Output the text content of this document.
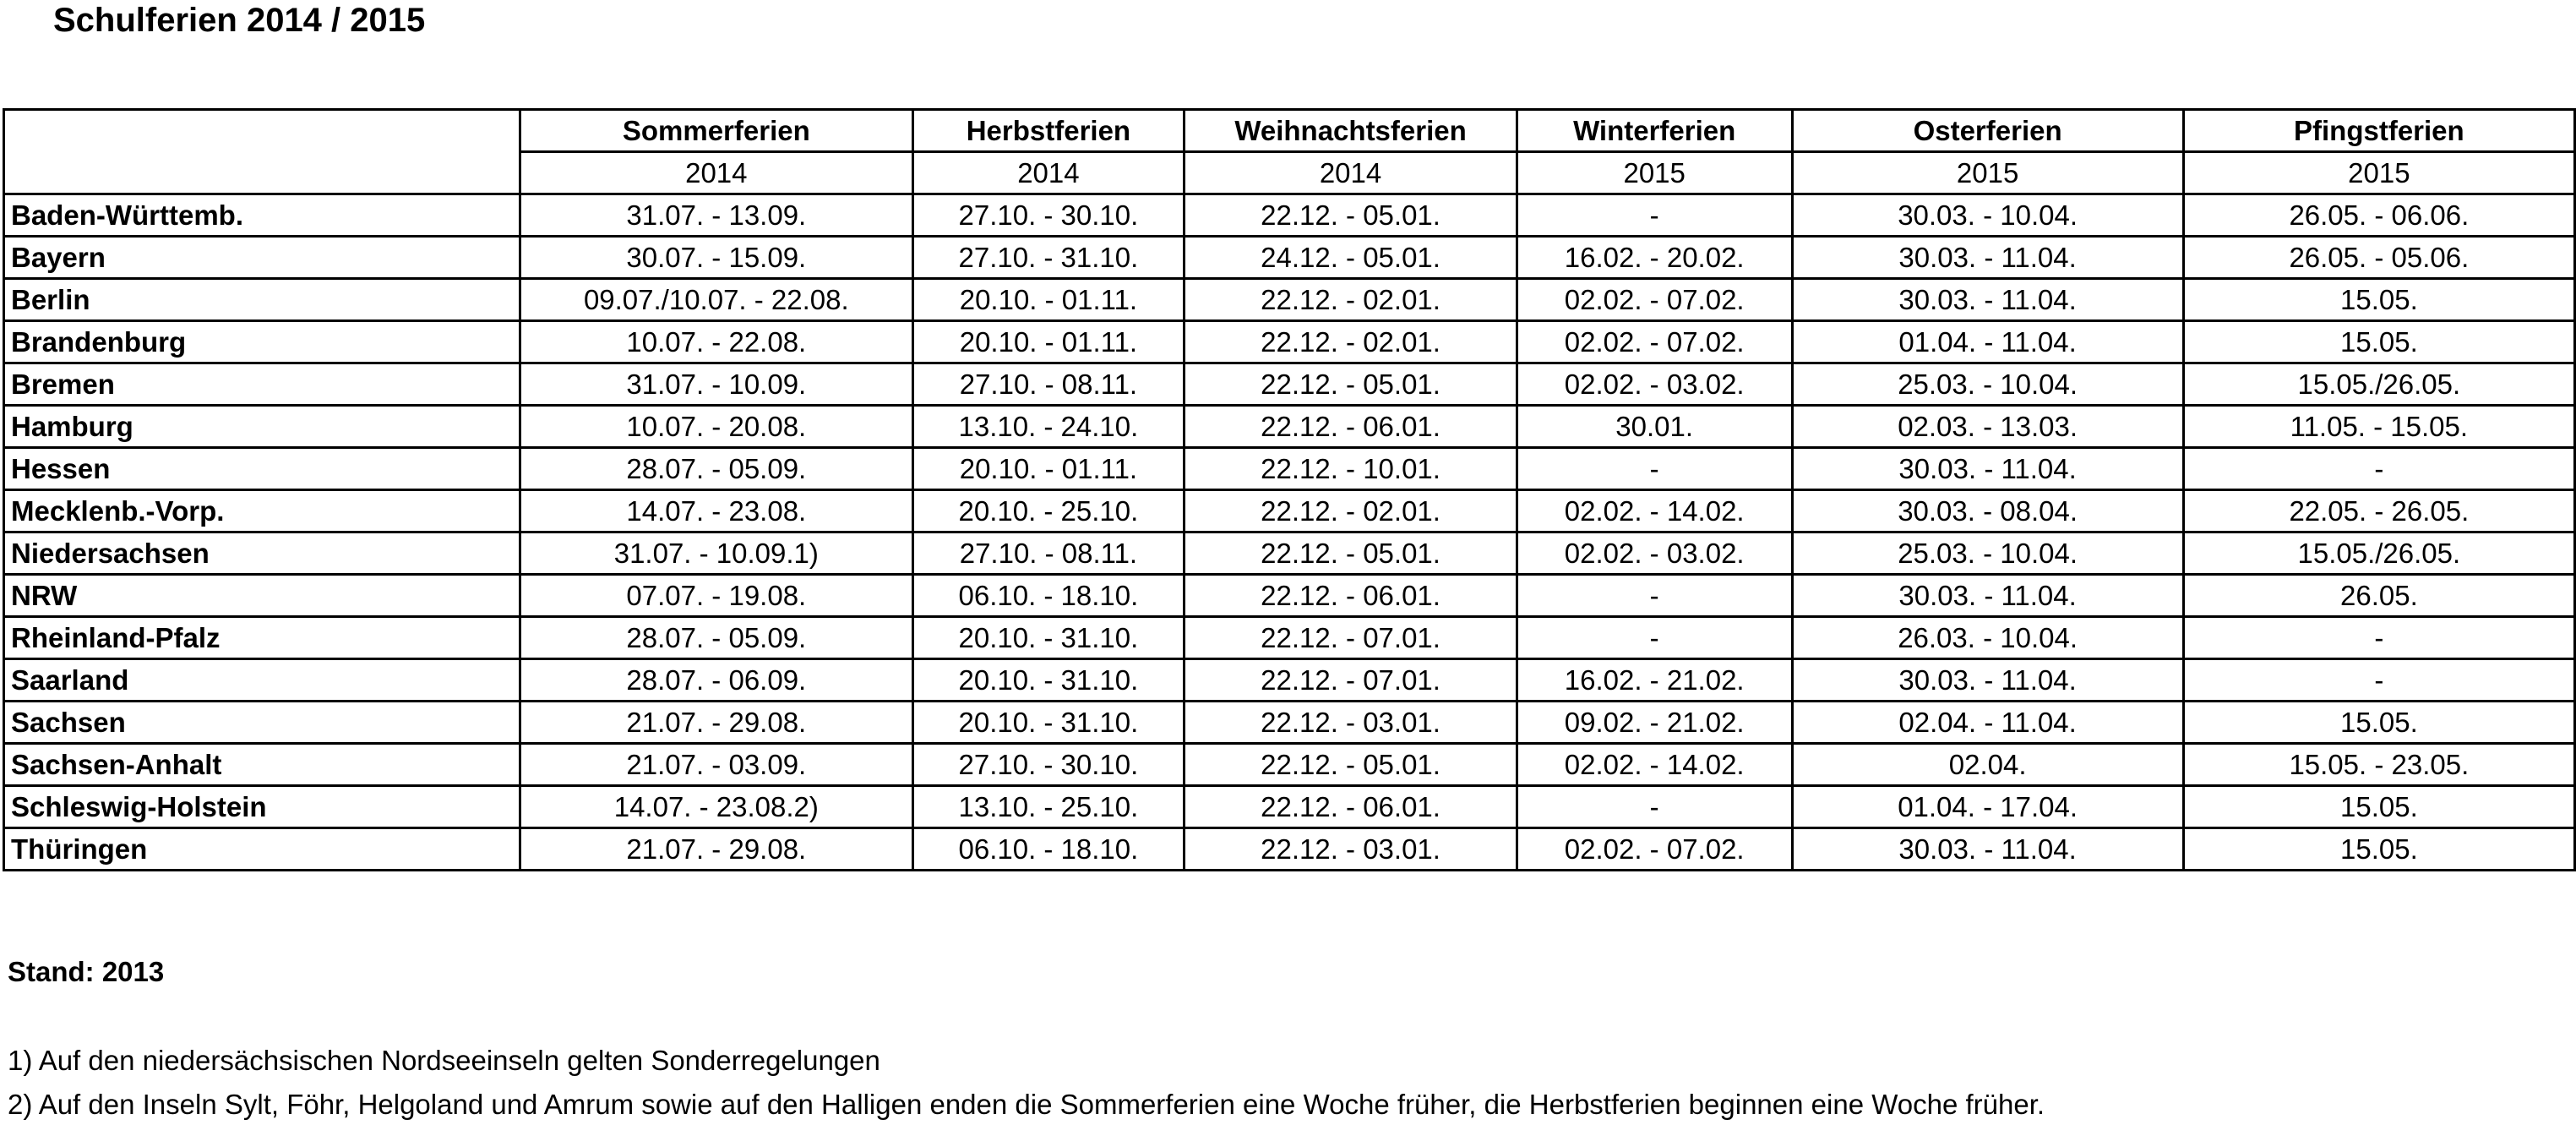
Schulferien 2014 / 2015
	Sommerferien	Herbstferien	Weihnachtsferien	Winterferien	Osterferien	Pfingstferien
	2014	2014	2014	2015	2015	2015
Baden-Württemb.	31.07. - 13.09.	27.10. - 30.10.	22.12. - 05.01.	-	30.03. - 10.04.	26.05. - 06.06.
Bayern	30.07. - 15.09.	27.10. - 31.10.	24.12. - 05.01.	16.02. - 20.02.	30.03. - 11.04.	26.05. - 05.06.
Berlin	09.07./10.07. - 22.08.	20.10. - 01.11.	22.12. - 02.01.	02.02. - 07.02.	30.03. - 11.04.	15.05.
Brandenburg	10.07. - 22.08.	20.10. - 01.11.	22.12. - 02.01.	02.02. - 07.02.	01.04. - 11.04.	15.05.
Bremen	31.07. - 10.09.	27.10. - 08.11.	22.12. - 05.01.	02.02. - 03.02.	25.03. - 10.04.	15.05./26.05.
Hamburg	10.07. - 20.08.	13.10. - 24.10.	22.12. - 06.01.	30.01.	02.03. - 13.03.	11.05. - 15.05.
Hessen	28.07. - 05.09.	20.10. - 01.11.	22.12. - 10.01.	-	30.03. - 11.04.	-
Mecklenb.-Vorp.	14.07. - 23.08.	20.10. - 25.10.	22.12. - 02.01.	02.02. - 14.02.	30.03. - 08.04.	22.05. - 26.05.
Niedersachsen	31.07. - 10.09.1)	27.10. - 08.11.	22.12. - 05.01.	02.02. - 03.02.	25.03. - 10.04.	15.05./26.05.
NRW	07.07. - 19.08.	06.10. - 18.10.	22.12. - 06.01.	-	30.03. - 11.04.	26.05.
Rheinland-Pfalz	28.07. - 05.09.	20.10. - 31.10.	22.12. - 07.01.	-	26.03. - 10.04.	-
Saarland	28.07. - 06.09.	20.10. - 31.10.	22.12. - 07.01.	16.02. - 21.02.	30.03. - 11.04.	-
Sachsen	21.07. - 29.08.	20.10. - 31.10.	22.12. - 03.01.	09.02. - 21.02.	02.04. - 11.04.	15.05.
Sachsen-Anhalt	21.07. - 03.09.	27.10. - 30.10.	22.12. - 05.01.	02.02. - 14.02.	02.04.	15.05. - 23.05.
Schleswig-Holstein	14.07. - 23.08.2)	13.10. - 25.10.	22.12. - 06.01.	-	01.04. - 17.04.	15.05.
Thüringen	21.07. - 29.08.	06.10. - 18.10.	22.12. - 03.01.	02.02. - 07.02.	30.03. - 11.04.	15.05.
Stand: 2013
1) Auf den niedersächsischen Nordseeinseln gelten Sonderregelungen
2) Auf den Inseln Sylt, Föhr, Helgoland und Amrum sowie auf den Halligen enden die Sommerferien eine Woche früher, die Herbstferien beginnen eine Woche früher.
